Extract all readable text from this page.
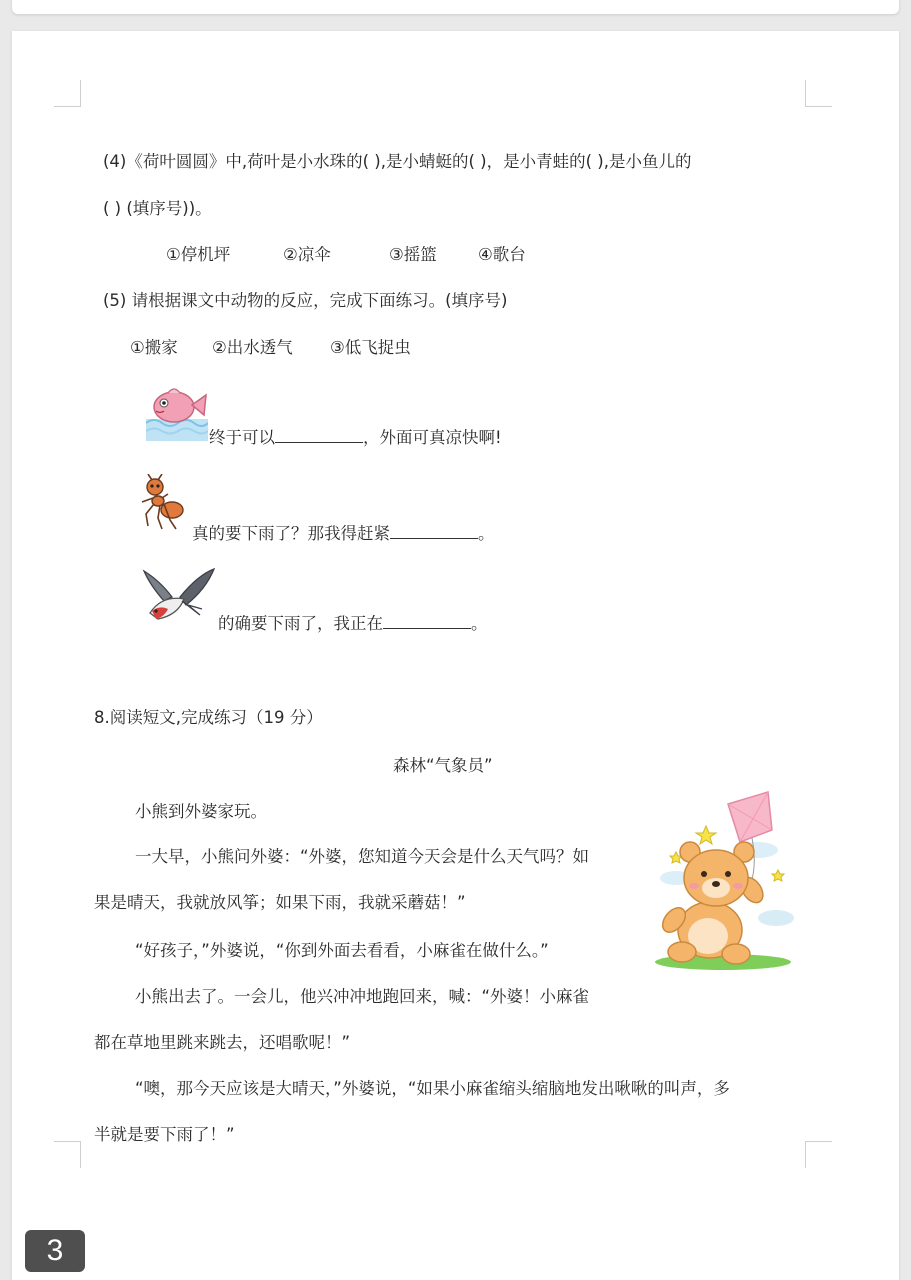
(4)《荷叶圆圆》中,荷叶是小水珠的( ),是小蜻蜓的( )，是小青蛙的( ),是小鱼儿的
( ) (填序号))。
①停机坪	②凉伞	③摇篮 ④歌台
(5) 请根据课文中动物的反应，完成下面练习。(填序号)
①搬家 ②出水透气 ③低飞捉虫
终于可以	，外面可真凉快啊!
真的要下雨了？那我得赶紧	。
的确要下雨了，我正在	。
8.阅读短文,完成练习（19 分）
森林“气象员”
小熊到外婆家玩。
一大早，小熊问外婆：“外婆，您知道今天会是什么天气吗？如
果是晴天，我就放风筝；如果下雨，我就采蘑菇！”
“好孩子，”外婆说，“你到外面去看看，小麻雀在做什么。”
小熊出去了。一会儿，他兴冲冲地跑回来，喊：“外婆！小麻雀
都在草地里跳来跳去，还唱歌呢！”
“噢，那今天应该是大晴天，”外婆说，“如果小麻雀缩头缩脑地发出啾啾的叫声，多
半就是要下雨了！”
3
